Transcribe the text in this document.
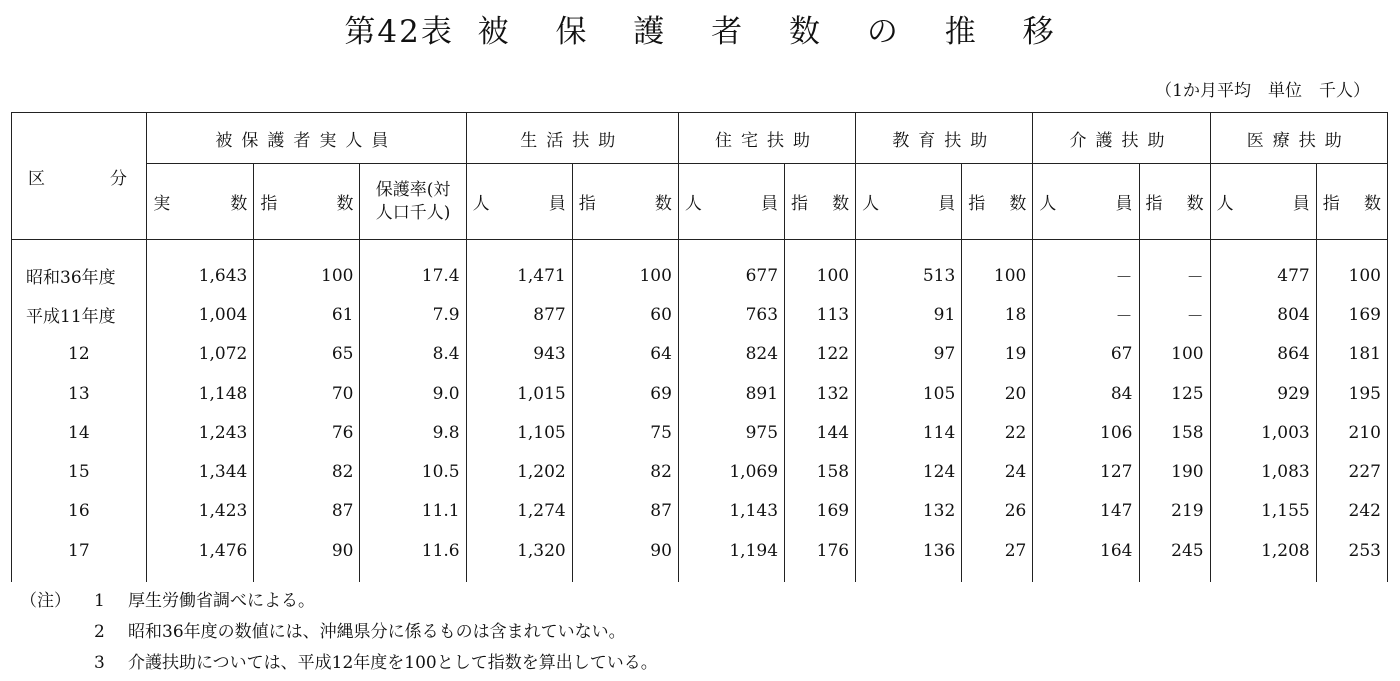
第42表 被  保  護  者  数  の  推  移
（1か月平均　単位　千人）
区 分	被保護者実人員			生活扶助		住宅扶助		教育扶助		介護扶助		医療扶助	

	実 数	指 数	保護率(対
人口千人)	人 員	指 数	人 員	指 数	人 員	指 数	人 員	指 数	人 員	指 数

昭和36年度	1,643	100	17.4	1,471	100	677	100	513	100	－	－	477	100
平成11年度	1,004	61	7.9	877	60	763	113	91	18	－	－	804	169
12	1,072	65	8.4	943	64	824	122	97	19	67	100	864	181
13	1,148	70	9.0	1,015	69	891	132	105	20	84	125	929	195
14	1,243	76	9.8	1,105	75	975	144	114	22	106	158	1,003	210
15	1,344	82	10.5	1,202	82	1,069	158	124	24	127	190	1,083	227
16	1,423	87	11.1	1,274	87	1,143	169	132	26	147	219	1,155	242
17	1,476	90	11.6	1,320	90	1,194	176	136	27	164	245	1,208	253
（注） 1 厚生労働省調べによる。
2 昭和36年度の数値には、沖縄県分に係るものは含まれていない。
3 介護扶助については、平成12年度を100として指数を算出している。
